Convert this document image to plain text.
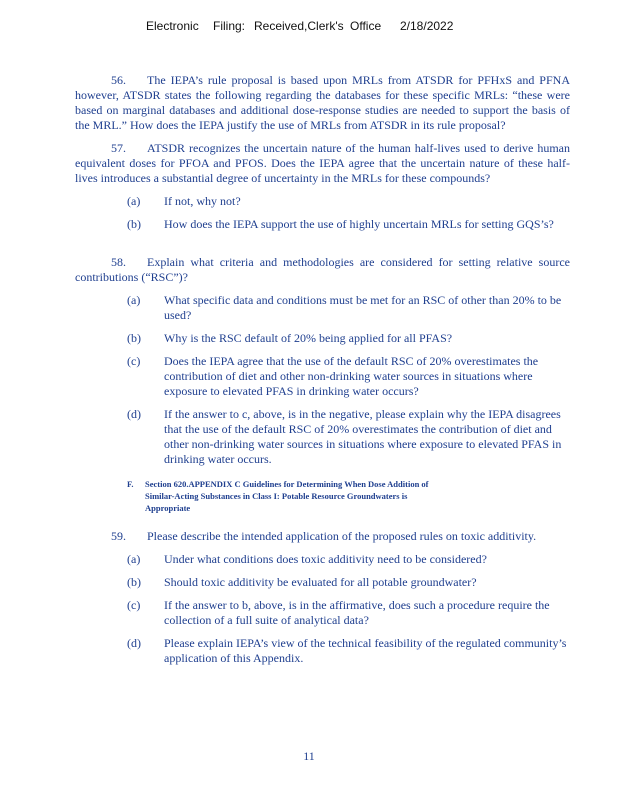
Electronic Filing: Received,Clerk's Office 2/18/2022
56. The IEPA’s rule proposal is based upon MRLs from ATSDR for PFHxS and PFNA however, ATSDR states the following regarding the databases for these specific MRLs: “these were based on marginal databases and additional dose-response studies are needed to support the basis of the MRL.” How does the IEPA justify the use of MRLs from ATSDR in its rule proposal?
57. ATSDR recognizes the uncertain nature of the human half-lives used to derive human equivalent doses for PFOA and PFOS. Does the IEPA agree that the uncertain nature of these half-lives introduces a substantial degree of uncertainty in the MRLs for these compounds?
(a)	If not, why not?
(b)	How does the IEPA support the use of highly uncertain MRLs for setting GQS’s?
58. Explain what criteria and methodologies are considered for setting relative source contributions (“RSC”)?
(a)	What specific data and conditions must be met for an RSC of other than 20% to be used?
(b)	Why is the RSC default of 20% being applied for all PFAS?
(c)	Does the IEPA agree that the use of the default RSC of 20% overestimates the contribution of diet and other non-drinking water sources in situations where exposure to elevated PFAS in drinking water occurs?
(d)	If the answer to c, above, is in the negative, please explain why the IEPA disagrees that the use of the default RSC of 20% overestimates the contribution of diet and other non-drinking water sources in situations where exposure to elevated PFAS in drinking water occurs.
F. Section 620.APPENDIX C Guidelines for Determining When Dose Addition of Similar-Acting Substances in Class I: Potable Resource Groundwaters is Appropriate
59. Please describe the intended application of the proposed rules on toxic additivity.
(a)	Under what conditions does toxic additivity need to be considered?
(b)	Should toxic additivity be evaluated for all potable groundwater?
(c)	If the answer to b, above, is in the affirmative, does such a procedure require the collection of a full suite of analytical data?
(d)	Please explain IEPA’s view of the technical feasibility of the regulated community’s application of this Appendix.
11
